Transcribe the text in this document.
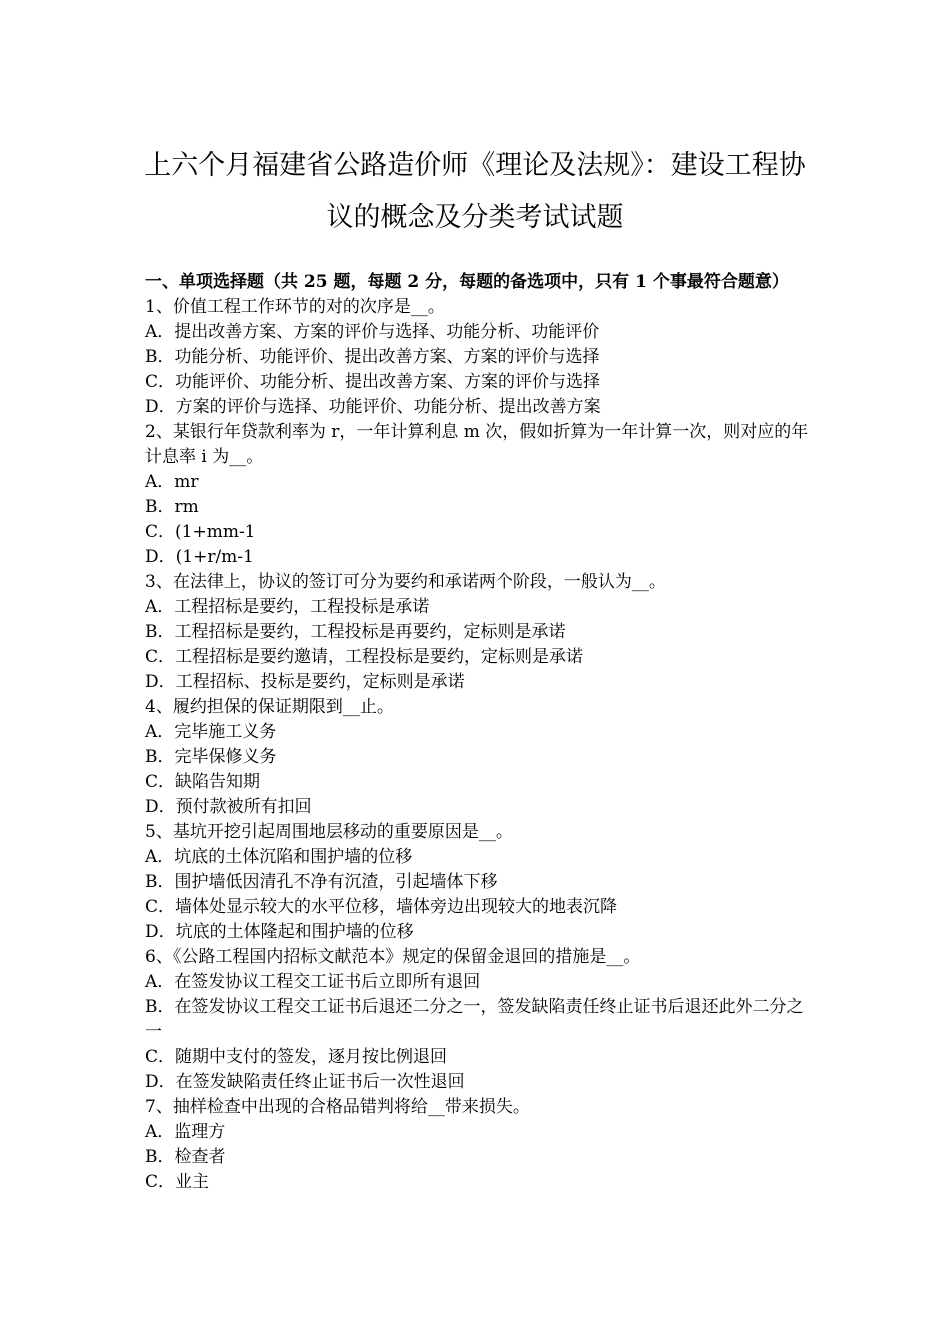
上六个月福建省公路造价师《理论及法规》：建设工程协
议的概念及分类考试试题

一、单项选择题（共 25 题，每题 2 分，每题的备选项中，只有 1 个事最符合题意）

1、价值工程工作环节的对的次序是__。

A．提出改善方案、方案的评价与选择、功能分析、功能评价

B．功能分析、功能评价、提出改善方案、方案的评价与选择

C．功能评价、功能分析、提出改善方案、方案的评价与选择

D．方案的评价与选择、功能评价、功能分析、提出改善方案

2、某银行年贷款利率为 r，一年计算利息 m 次，假如折算为一年计算一次，则对应的年计息率 i 为__。

A．mr

B．rm

C．(1+mm-1

D．(1+r/m-1

3、在法律上，协议的签订可分为要约和承诺两个阶段，一般认为__。

A．工程招标是要约，工程投标是承诺

B．工程招标是要约，工程投标是再要约，定标则是承诺

C．工程招标是要约邀请，工程投标是要约，定标则是承诺

D．工程招标、投标是要约，定标则是承诺

4、履约担保的保证期限到__止。

A．完毕施工义务

B．完毕保修义务

C．缺陷告知期

D．预付款被所有扣回

5、基坑开挖引起周围地层移动的重要原因是__。

A．坑底的土体沉陷和围护墙的位移

B．围护墙低因清孔不净有沉渣，引起墙体下移

C．墙体处显示较大的水平位移，墙体旁边出现较大的地表沉降

D．坑底的土体隆起和围护墙的位移

6、《公路工程国内招标文献范本》规定的保留金退回的措施是__。

A．在签发协议工程交工证书后立即所有退回

B．在签发协议工程交工证书后退还二分之一，签发缺陷责任终止证书后退还此外二分之一

C．随期中支付的签发，逐月按比例退回

D．在签发缺陷责任终止证书后一次性退回

7、抽样检查中出现的合格品错判将给__带来损失。

A．监理方

B．检查者

C．业主
